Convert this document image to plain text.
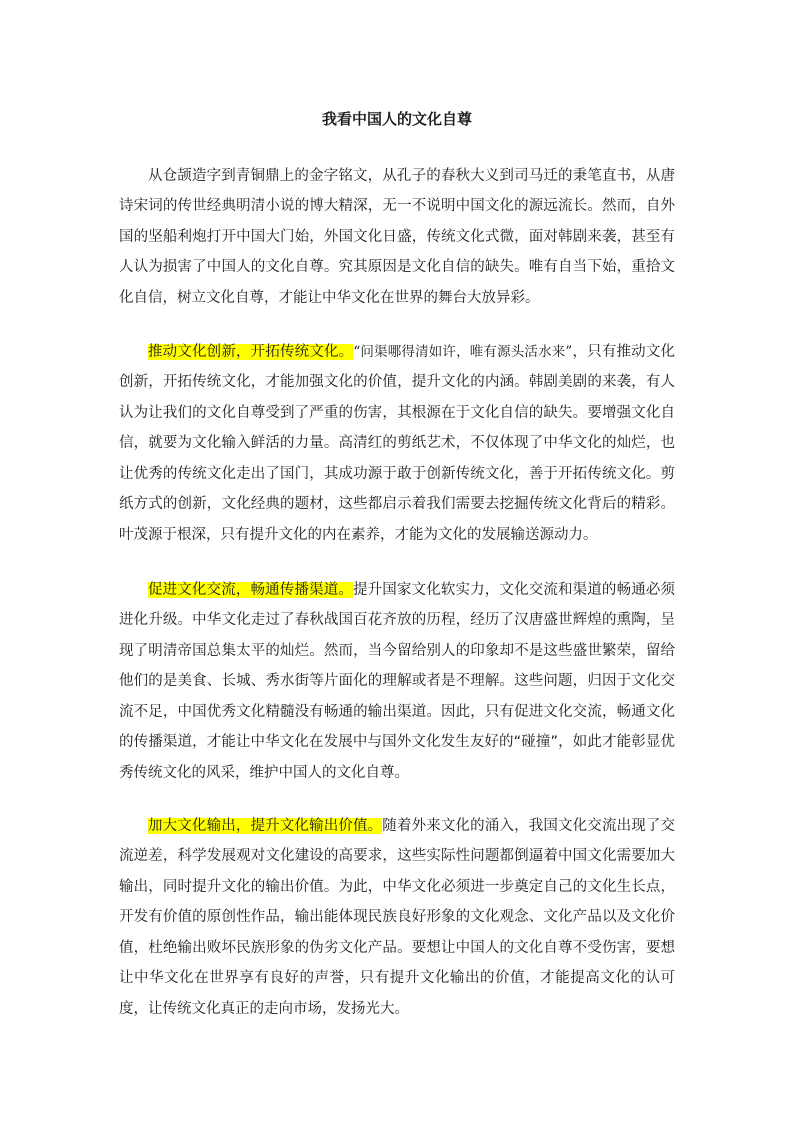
我看中国人的文化自尊

从仓颉造字到青铜鼎上的金字铭文，从孔子的春秋大义到司马迁的秉笔直书，从唐诗宋词的传世经典明清小说的博大精深，无一不说明中国文化的源远流长。然而，自外国的坚船利炮打开中国大门始，外国文化日盛，传统文化式微，面对韩剧来袭，甚至有人认为损害了中国人的文化自尊。究其原因是文化自信的缺失。唯有自当下始，重拾文化自信，树立文化自尊，才能让中华文化在世界的舞台大放异彩。

推动文化创新，开拓传统文化。“问渠哪得清如许，唯有源头活水来”，只有推动文化创新，开拓传统文化，才能加强文化的价值，提升文化的内涵。韩剧美剧的来袭，有人认为让我们的文化自尊受到了严重的伤害，其根源在于文化自信的缺失。要增强文化自信，就要为文化输入鲜活的力量。高清红的剪纸艺术，不仅体现了中华文化的灿烂，也让优秀的传统文化走出了国门，其成功源于敢于创新传统文化，善于开拓传统文化。剪纸方式的创新，文化经典的题材，这些都启示着我们需要去挖掘传统文化背后的精彩。叶茂源于根深，只有提升文化的内在素养，才能为文化的发展输送源动力。

促进文化交流，畅通传播渠道。提升国家文化软实力，文化交流和渠道的畅通必须进化升级。中华文化走过了春秋战国百花齐放的历程，经历了汉唐盛世辉煌的熏陶，呈现了明清帝国总集太平的灿烂。然而，当今留给别人的印象却不是这些盛世繁荣，留给他们的是美食、长城、秀水街等片面化的理解或者是不理解。这些问题，归因于文化交流不足，中国优秀文化精髓没有畅通的输出渠道。因此，只有促进文化交流，畅通文化的传播渠道，才能让中华文化在发展中与国外文化发生友好的“碰撞”，如此才能彰显优秀传统文化的风采，维护中国人的文化自尊。

加大文化输出，提升文化输出价值。随着外来文化的涌入，我国文化交流出现了交流逆差，科学发展观对文化建设的高要求，这些实际性问题都倒逼着中国文化需要加大输出，同时提升文化的输出价值。为此，中华文化必须进一步奠定自己的文化生长点，开发有价值的原创性作品，输出能体现民族良好形象的文化观念、文化产品以及文化价值，杜绝输出败坏民族形象的伪劣文化产品。要想让中国人的文化自尊不受伤害，要想让中华文化在世界享有良好的声誉，只有提升文化输出的价值，才能提高文化的认可度，让传统文化真正的走向市场，发扬光大。
